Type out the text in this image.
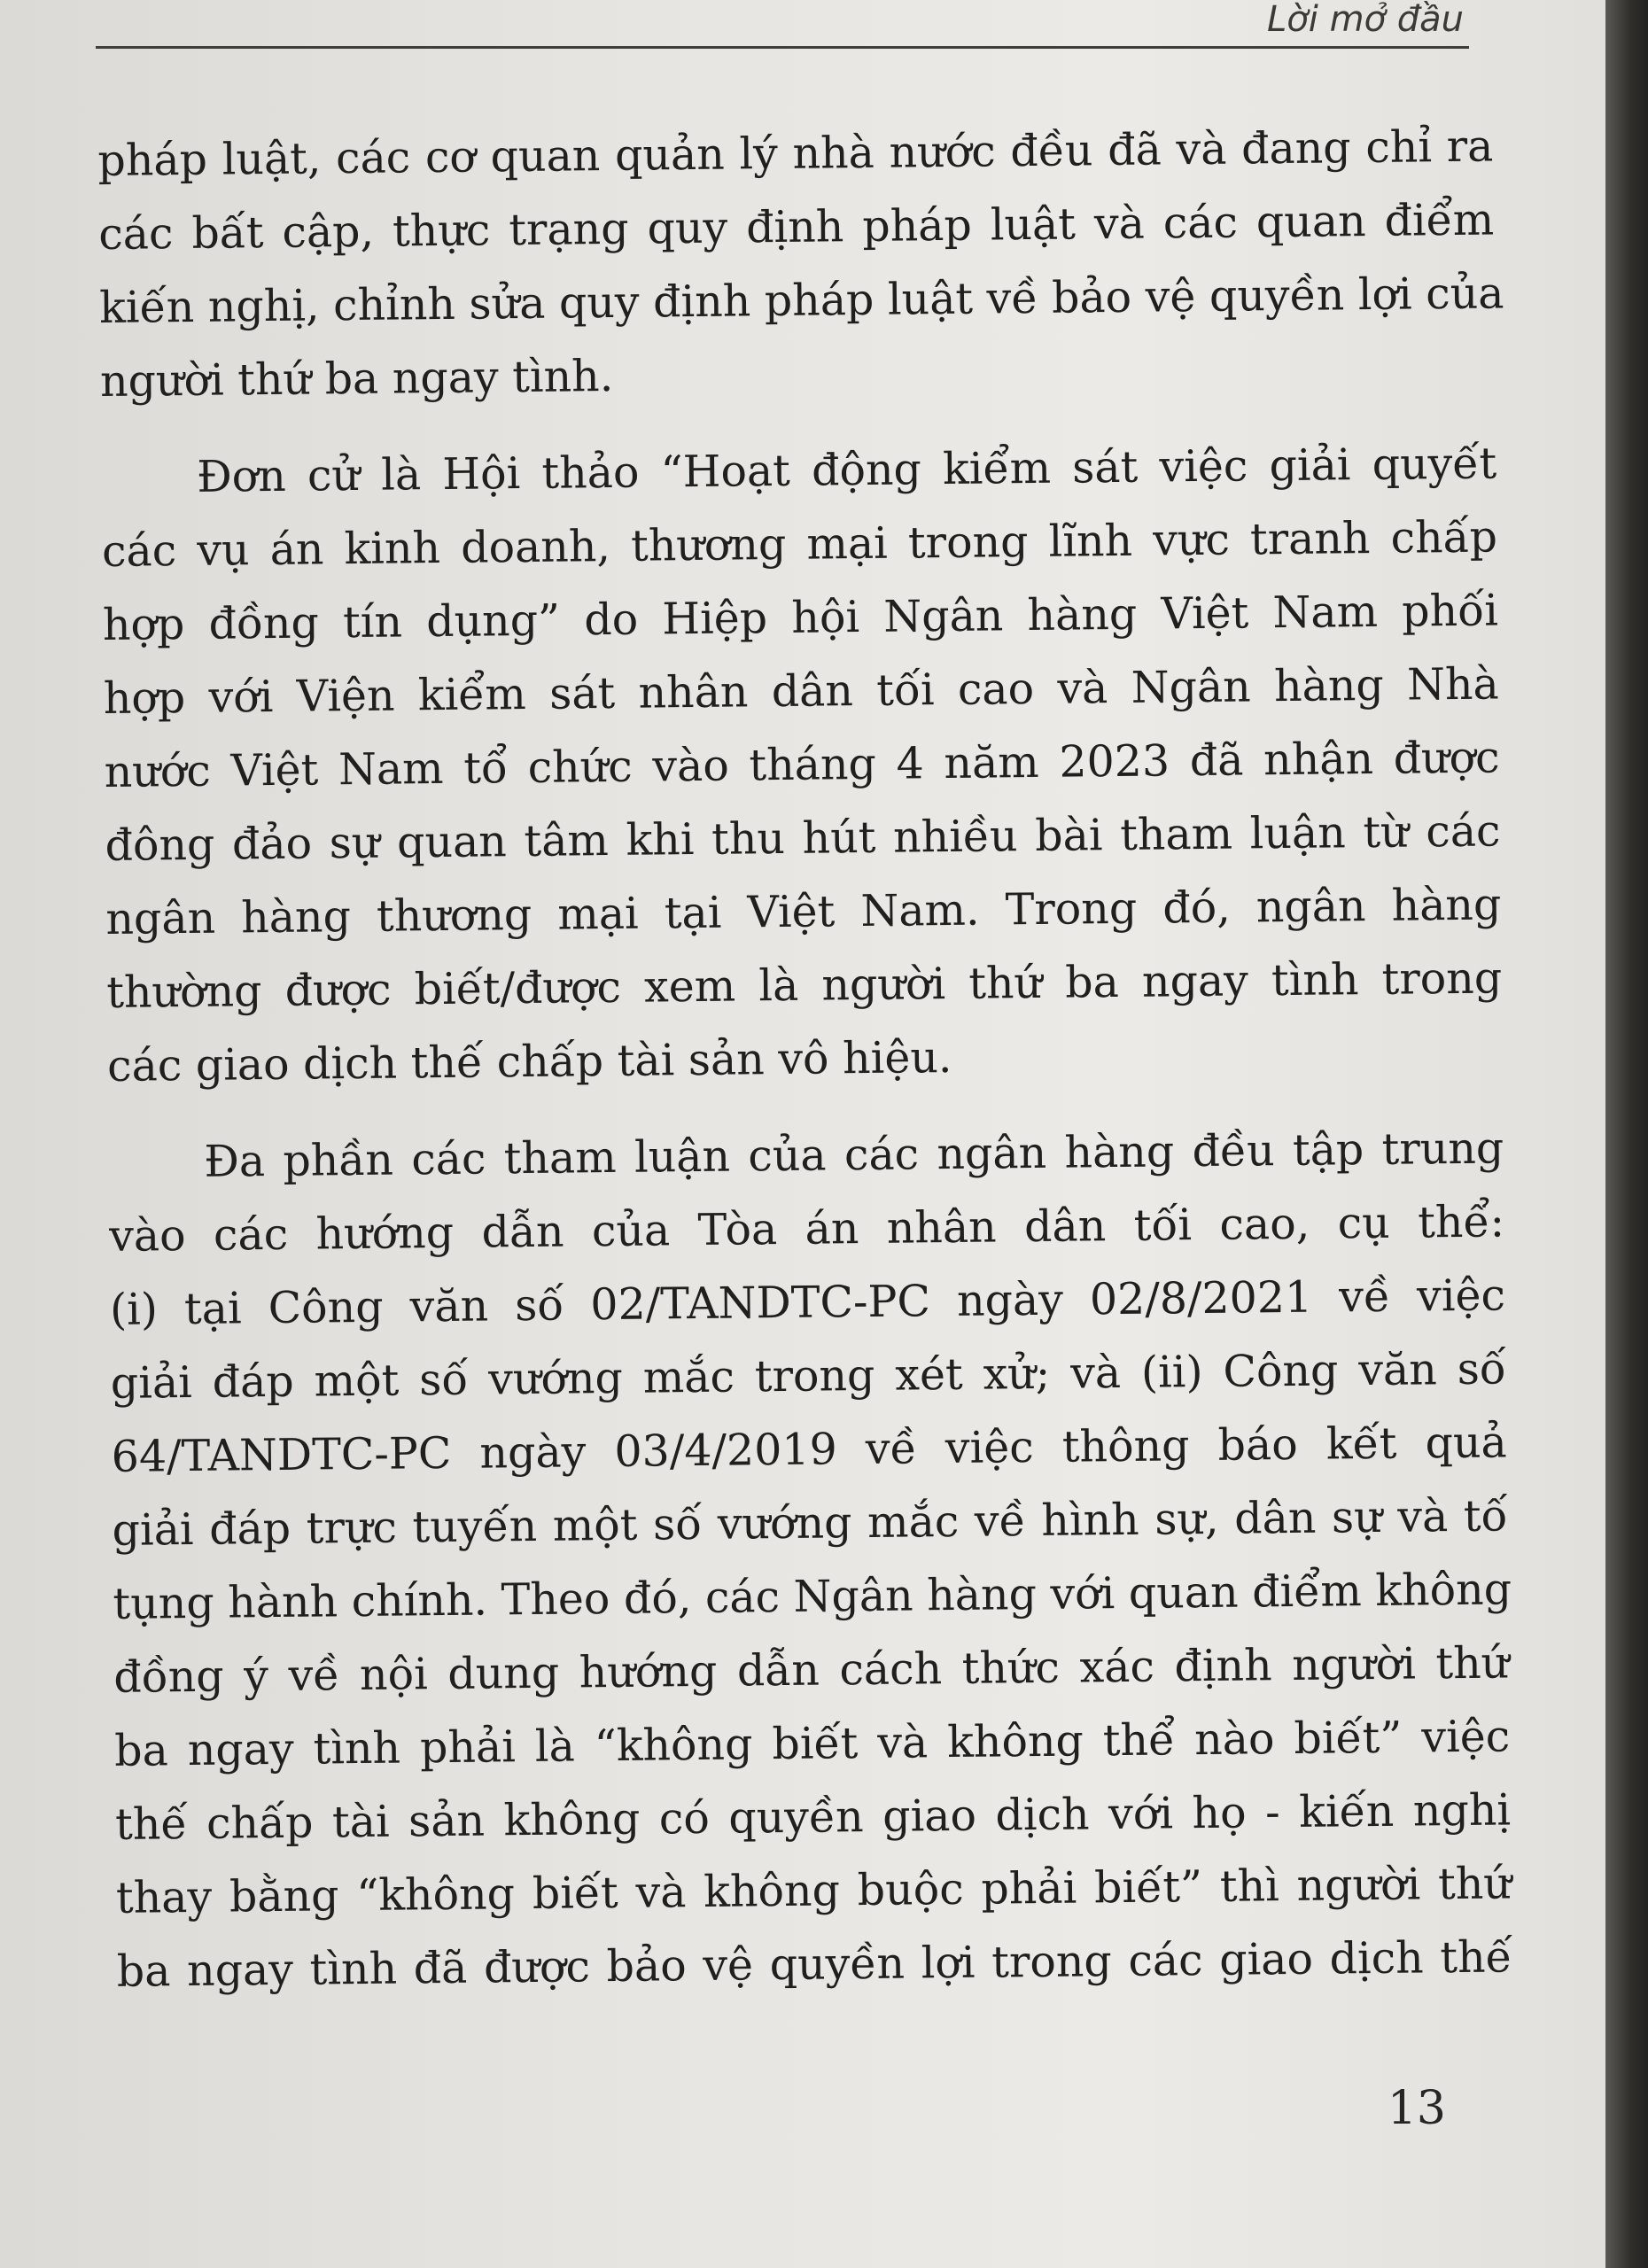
Lời mở đầu
pháp luật, các cơ quan quản lý nhà nước đều đã và đang chỉ ra
các bất cập, thực trạng quy định pháp luật và các quan điểm
kiến nghị, chỉnh sửa quy định pháp luật về bảo vệ quyền lợi của
người thứ ba ngay tình.
Đơn cử là Hội thảo “Hoạt động kiểm sát việc giải quyết
các vụ án kinh doanh, thương mại trong lĩnh vực tranh chấp
hợp đồng tín dụng” do Hiệp hội Ngân hàng Việt Nam phối
hợp với Viện kiểm sát nhân dân tối cao và Ngân hàng Nhà
nước Việt Nam tổ chức vào tháng 4 năm 2023 đã nhận được
đông đảo sự quan tâm khi thu hút nhiều bài tham luận từ các
ngân hàng thương mại tại Việt Nam. Trong đó, ngân hàng
thường được biết/được xem là người thứ ba ngay tình trong
các giao dịch thế chấp tài sản vô hiệu.
Đa phần các tham luận của các ngân hàng đều tập trung
vào các hướng dẫn của Tòa án nhân dân tối cao, cụ thể:
(i) tại Công văn số 02/TANDTC-PC ngày 02/8/2021 về việc
giải đáp một số vướng mắc trong xét xử; và (ii) Công văn số
64/TANDTC-PC ngày 03/4/2019 về việc thông báo kết quả
giải đáp trực tuyến một số vướng mắc về hình sự, dân sự và tố
tụng hành chính. Theo đó, các Ngân hàng với quan điểm không
đồng ý về nội dung hướng dẫn cách thức xác định người thứ
ba ngay tình phải là “không biết và không thể nào biết” việc
thế chấp tài sản không có quyền giao dịch với họ - kiến nghị
thay bằng “không biết và không buộc phải biết” thì người thứ
ba ngay tình đã được bảo vệ quyền lợi trong các giao dịch thế
13
